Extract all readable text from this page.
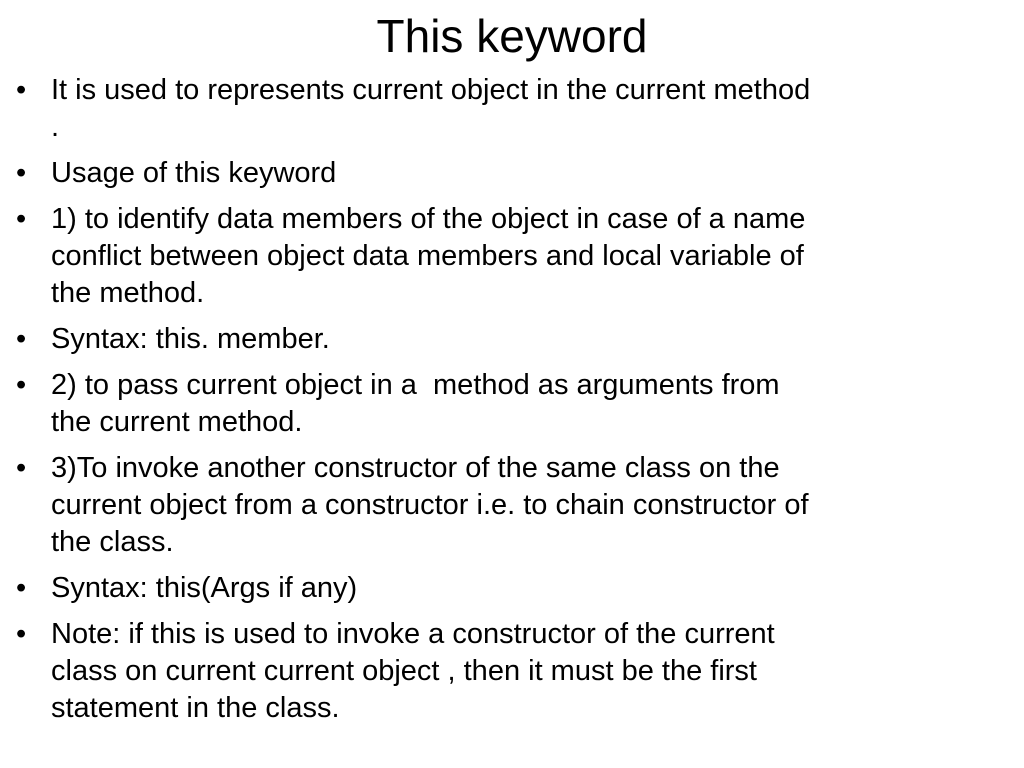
This keyword
• It is used to represents current object in the current method
.
• Usage of this keyword
• 1) to identify data members of the object in case of a name
conflict between object data members and local variable of
the method.
• Syntax: this. member.
• 2) to pass current object in a  method as arguments from
the current method.
• 3)To invoke another constructor of the same class on the
current object from a constructor i.e. to chain constructor of
the class.
• Syntax: this(Args if any)
• Note: if this is used to invoke a constructor of the current
class on current current object , then it must be the first
statement in the class.
